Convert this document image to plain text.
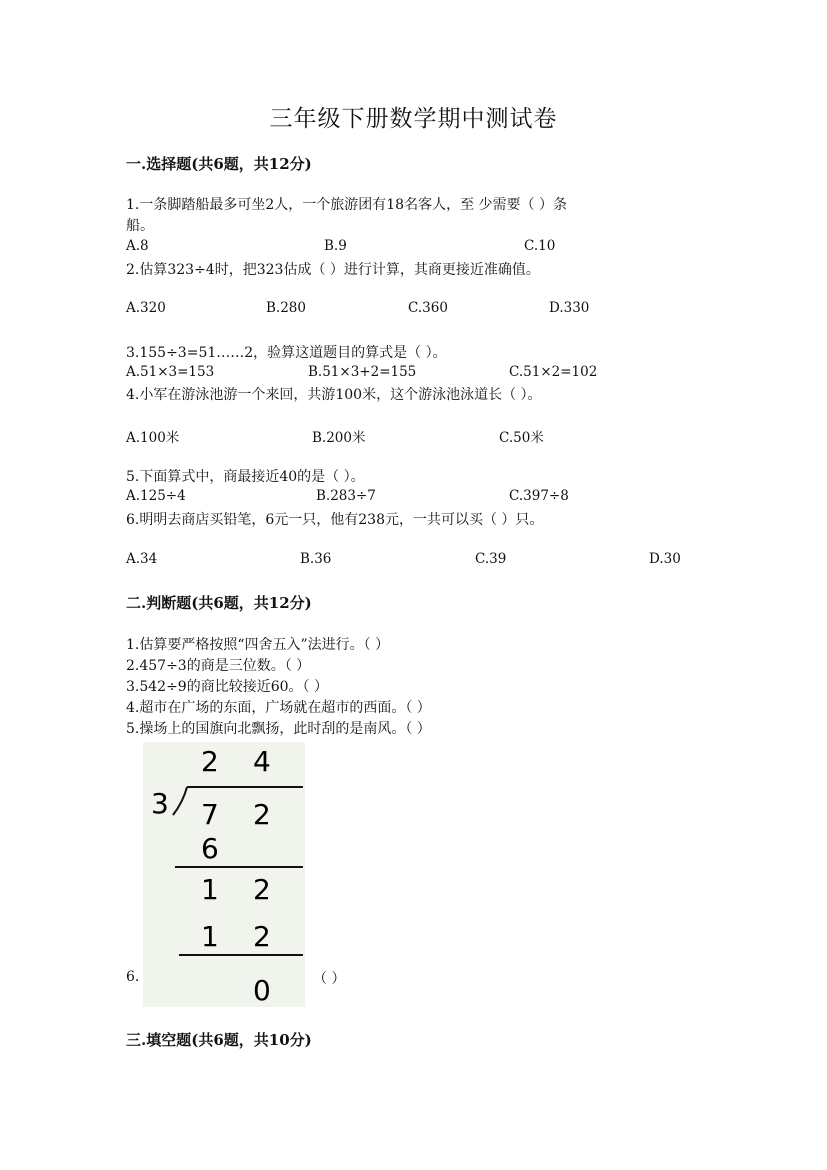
三年级下册数学期中测试卷
一.选择题(共6题，共12分)
1.一条脚踏船最多可坐2人，一个旅游团有18名客人，至 少需要（ ）条
船。
A.8	B.9	C.10
2.估算323÷4时，把323估成（ ）进行计算，其商更接近准确值。
A.320	B.280	C.360	D.330
3.155÷3=51……2，验算这道题目的算式是（ ）。
A.51×3=153	B.51×3+2=155	C.51×2=102
4.小军在游泳池游一个来回，共游100米，这个游泳池泳道长（ ）。
A.100米	B.200米	C.50米
5.下面算式中，商最接近40的是（ ）。
A.125÷4	B.283÷7	C.397÷8
6.明明去商店买铅笔，6元一只，他有238元，一共可以买（ ）只。
A.34	B.36	C.39	D.30
二.判断题(共6题，共12分)
1.估算要严格按照“四舍五入”法进行。（ ）
2.457÷3的商是三位数。（ ）
3.542÷9的商比较接近60。（ ）
4.超市在广场的东面，广场就在超市的西面。（ ）
5.操场上的国旗向北飘扬，此时刮的是南风。（ ）
2 4
3 7 2
6
1 2
1 2
0
6.	（ ）
三.填空题(共6题，共10分)
